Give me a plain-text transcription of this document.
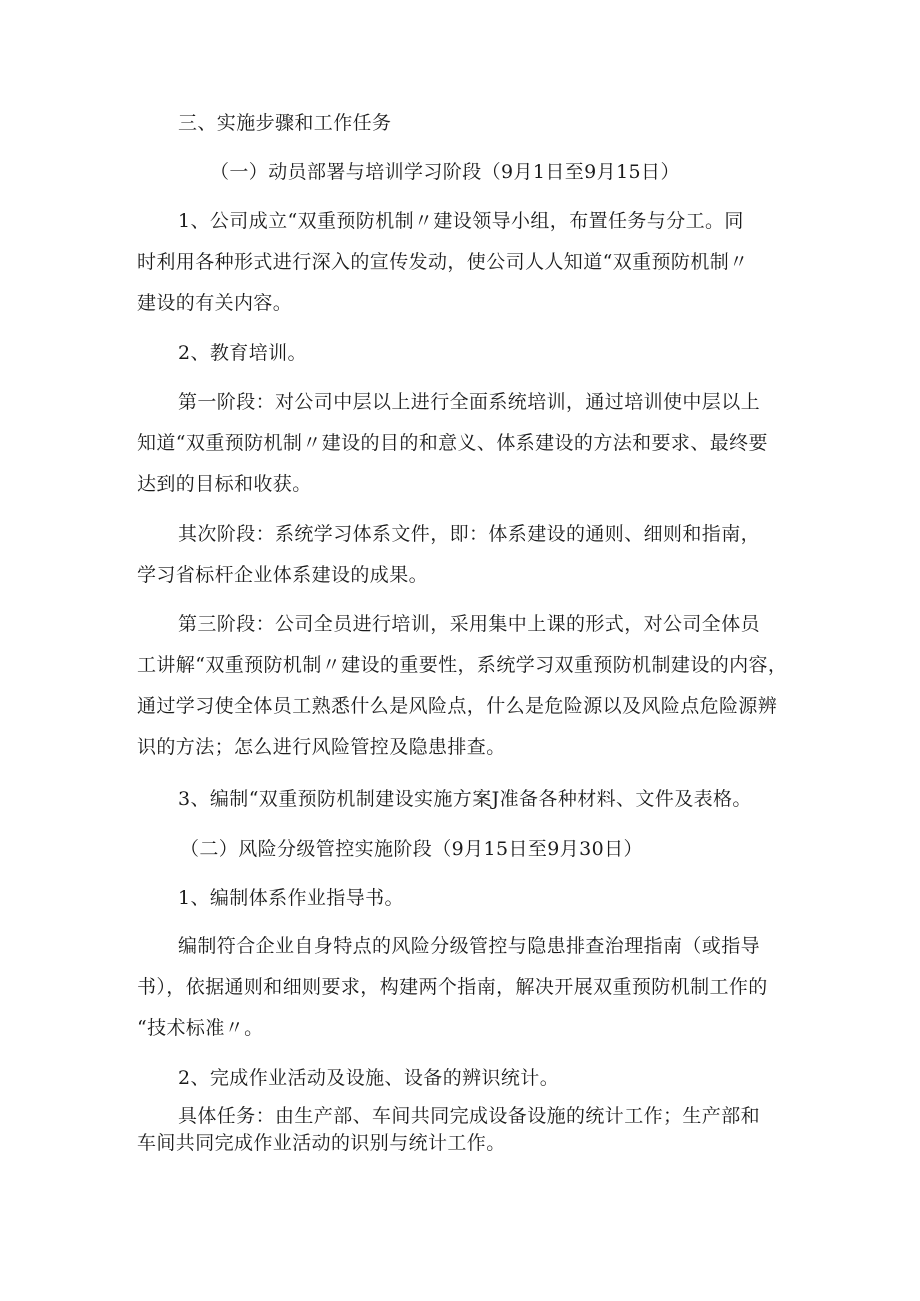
三、实施步骤和工作任务

（一）动员部署与培训学习阶段（9月1日至9月15日）

1、公司成立“双重预防机制〃建设领导小组，布置任务与分工。同

时利用各种形式进行深入的宣传发动，使公司人人知道“双重预防机制〃

建设的有关内容。

2、教育培训。

第一阶段：对公司中层以上进行全面系统培训，通过培训使中层以上

知道“双重预防机制〃建设的目的和意义、体系建设的方法和要求、最终要

达到的目标和收获。

其次阶段：系统学习体系文件，即：体系建设的通则、细则和指南，

学习省标杆企业体系建设的成果。

第三阶段：公司全员进行培训，采用集中上课的形式，对公司全体员

工讲解“双重预防机制〃建设的重要性，系统学习双重预防机制建设的内容，

通过学习使全体员工熟悉什么是风险点，什么是危险源以及风险点危险源辨

识的方法；怎么进行风险管控及隐患排查。

3、编制“双重预防机制建设实施方案J准备各种材料、文件及表格。

（二）风险分级管控实施阶段（9月15日至9月30日）

1、编制体系作业指导书。

编制符合企业自身特点的风险分级管控与隐患排查治理指南（或指导

书），依据通则和细则要求，构建两个指南，解决开展双重预防机制工作的

“技术标准〃。

2、完成作业活动及设施、设备的辨识统计。

具体任务：由生产部、车间共同完成设备设施的统计工作；生产部和

车间共同完成作业活动的识别与统计工作。
